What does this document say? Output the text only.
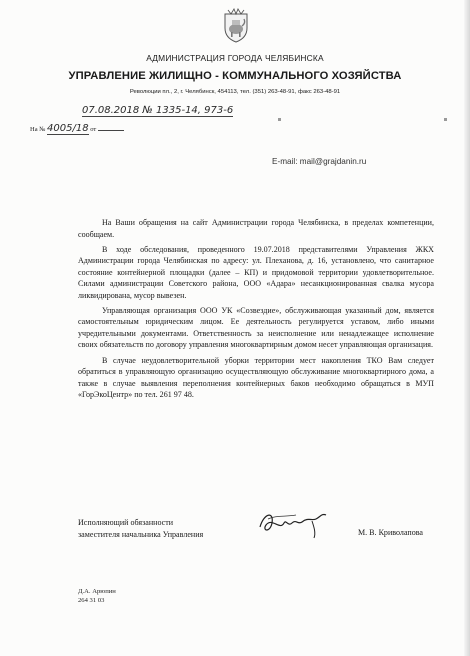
АДМИНИСТРАЦИЯ ГОРОДА ЧЕЛЯБИНСКА
УПРАВЛЕНИЕ ЖИЛИЩНО - КОММУНАЛЬНОГО ХОЗЯЙСТВА
Революции пл., 2, г. Челябинск, 454113, тел. (351) 263-48-91, факс 263-48-91
07.08.2018 № 1335-14, 973-6
На № 4005/18 от
E-mail: mail@grajdanin.ru

На Ваши обращения на сайт Администрации города Челябинска, в пределах компетенции, сообщаем.

В ходе обследования, проведенного 19.07.2018 представителями Управления ЖКХ Администрации города Челябинская по адресу: ул. Плеханова, д. 16, установлено, что санитарное состояние контейнерной площадки (далее – КП) и придомовой территории удовлетворительное. Силами администрации Советского района, ООО «Адара» несанкционированная свалка мусора ликвидирована, мусор вывезен.

Управляющая организация ООО УК «Созвездие», обслуживающая указанный дом, является самостоятельным юридическим лицом. Ее деятельность регулируется уставом, либо иными учредительными документами. Ответственность за неисполнение или ненадлежащее исполнение своих обязательств по договору управления многоквартирным домом несет управляющая организация.

В случае неудовлетворительной уборки территории мест накопления ТКО Вам следует обратиться в управляющую организацию осуществляющую обслуживание многоквартирного дома, а также в случае выявления переполнения контейнерных баков необходимо обращаться в МУП «ГорЭкоЦентр» по тел. 261 97 48.

Исполняющий обязанности
заместителя начальника Управления	М. В. Криволапова
Д.А. Арюпин
264 31 03
